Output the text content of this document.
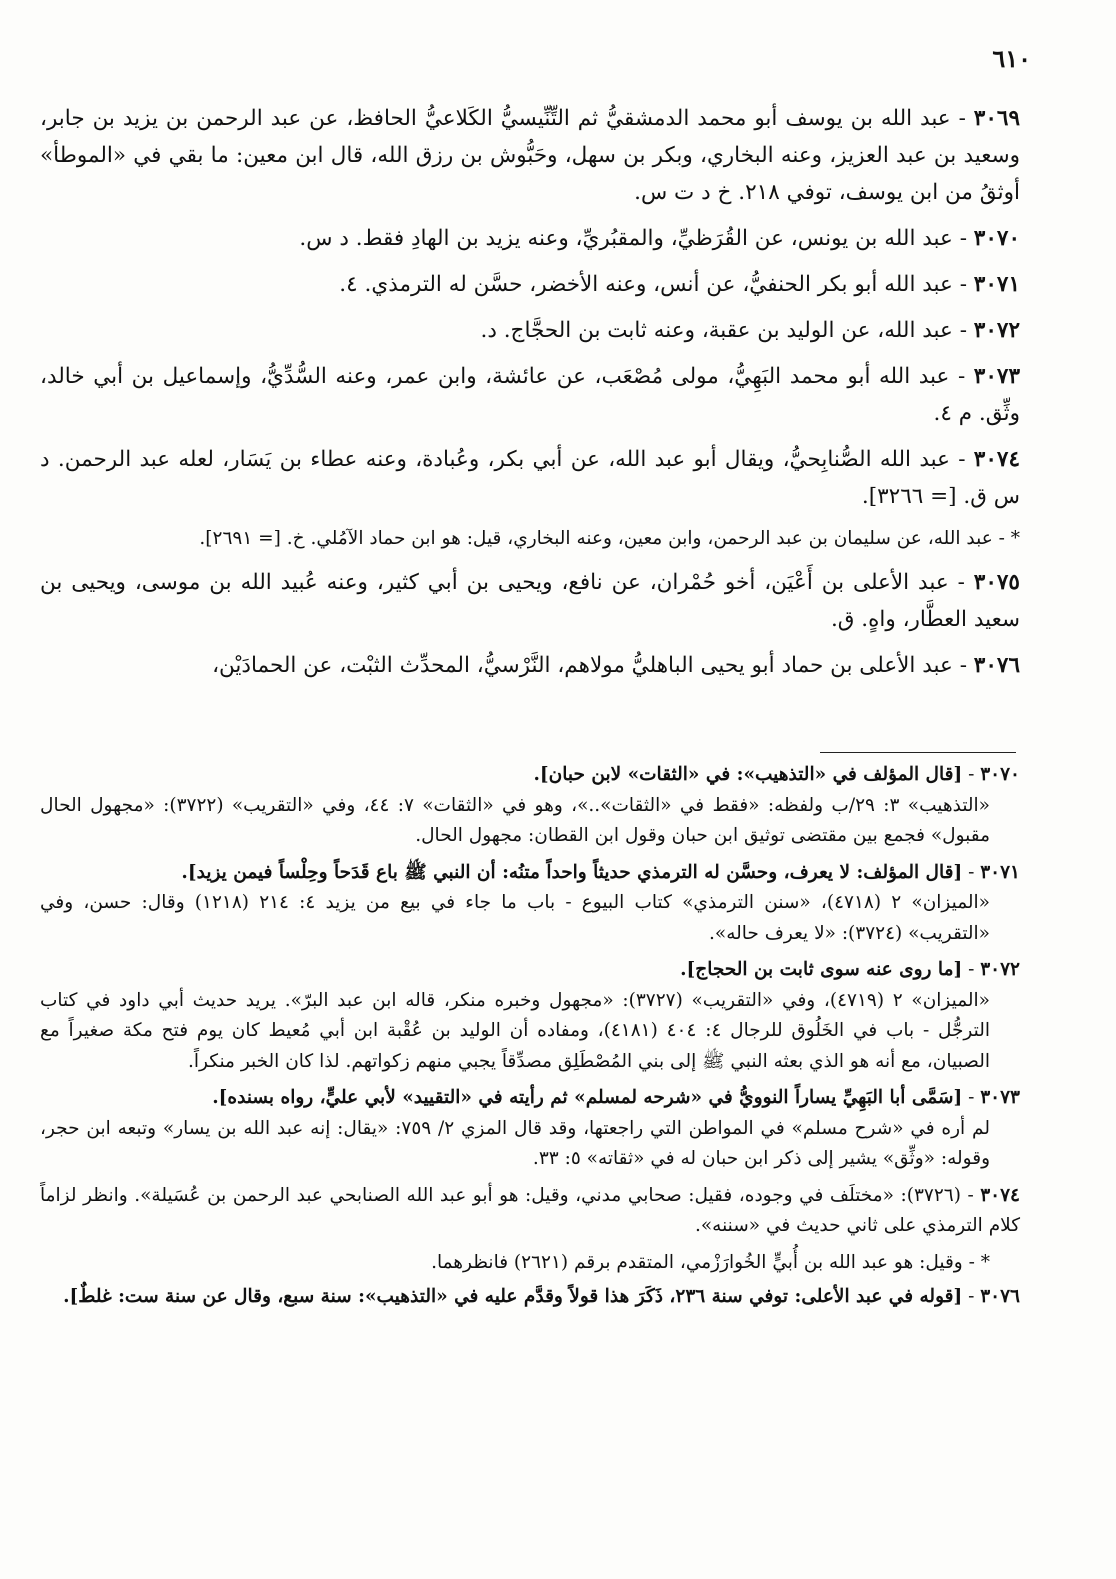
٦١٠

٣٠٦٩ - عبد الله بن يوسف أبو محمد الدمشقيُّ ثم التِّنِّيسيُّ الكَلاعيُّ الحافظ، عن عبد الرحمن بن يزيد بن جابر، وسعيد بن عبد العزيز، وعنه البخاري، وبكر بن سهل، وحَبُّوش بن رزق الله، قال ابن معين: ما بقي في «الموطأ» أوثقُ من ابن يوسف، توفي ٢١٨. خ د ت س.

٣٠٧٠ - عبد الله بن يونس، عن القُرَظيِّ، والمقبُريِّ، وعنه يزيد بن الهادِ فقط. د س.

٣٠٧١ - عبد الله أبو بكر الحنفيُّ، عن أنس، وعنه الأخضر، حسَّن له الترمذي. ٤.

٣٠٧٢ - عبد الله، عن الوليد بن عقبة، وعنه ثابت بن الحجَّاج. د.

٣٠٧٣ - عبد الله أبو محمد البَهِيُّ، مولى مُصْعَب، عن عائشة، وابن عمر، وعنه السُّدِّيُّ، وإسماعيل بن أبي خالد، وثِّق. م ٤.

٣٠٧٤ - عبد الله الصُّنابِحيُّ، ويقال أبو عبد الله، عن أبي بكر، وعُبادة، وعنه عطاء بن يَسَار، لعله عبد الرحمن. د س ق. [= ٣٢٦٦].

* - عبد الله، عن سليمان بن عبد الرحمن، وابن معين، وعنه البخاري، قيل: هو ابن حماد الآمُلي. خ. [= ٢٦٩١].

٣٠٧٥ - عبد الأعلى بن أَعْيَن، أخو حُمْران، عن نافع، ويحيى بن أبي كثير، وعنه عُبيد الله بن موسى، ويحيى بن سعيد العطَّار، واهٍ. ق.

٣٠٧٦ - عبد الأعلى بن حماد أبو يحيى الباهليُّ مولاهم، النَّرْسيُّ، المحدِّث الثبْت، عن الحمادَيْن،

٣٠٧٠ - [قال المؤلف في «التذهيب»: في «الثقات» لابن حبان].
«التذهيب» ٣: ٢٩/ب ولفظه: «فقط في «الثقات»..»، وهو في «الثقات» ٧: ٤٤، وفي «التقريب» (٣٧٢٢): «مجهول الحال مقبول» فجمع بين مقتضى توثيق ابن حبان وقول ابن القطان: مجهول الحال.
٣٠٧١ - [قال المؤلف: لا يعرف، وحسَّن له الترمذي حديثاً واحداً متنُه: أن النبي ﷺ باع قَدَحاً وحِلْساً فيمن يزيد].
«الميزان» ٢ (٤٧١٨)، «سنن الترمذي» كتاب البيوع - باب ما جاء في بيع من يزيد ٤: ٢١٤ (١٢١٨) وقال: حسن، وفي «التقريب» (٣٧٢٤): «لا يعرف حاله».
٣٠٧٢ - [ما روى عنه سوى ثابت بن الحجاج].
«الميزان» ٢ (٤٧١٩)، وفي «التقريب» (٣٧٢٧): «مجهول وخبره منكر، قاله ابن عبد البرّ». يريد حديث أبي داود في كتاب الترجُّل - باب في الخَلُوق للرجال ٤: ٤٠٤ (٤١٨١)، ومفاده أن الوليد بن عُقْبة ابن أبي مُعيط كان يوم فتح مكة صغيراً مع الصبيان، مع أنه هو الذي بعثه النبي ﷺ إلى بني المُصْطَلِق مصدِّقاً يجبي منهم زكواتهم. لذا كان الخبر منكراً.
٣٠٧٣ - [سَمَّى أبا البَهِيِّ يساراً النوويُّ في «شرحه لمسلم» ثم رأيته في «التقييد» لأبي عليٍّ، رواه بسنده].
لم أره في «شرح مسلم» في المواطن التي راجعتها، وقد قال المزي ٢/ ٧٥٩: «يقال: إنه عبد الله بن يسار» وتبعه ابن حجر، وقوله: «وثِّق» يشير إلى ذكر ابن حبان له في «ثقاته» ٥: ٣٣.
٣٠٧٤ - (٣٧٢٦): «مختلَف في وجوده، فقيل: صحابي مدني، وقيل: هو أبو عبد الله الصنابحي عبد الرحمن بن عُسَيلة». وانظر لزاماً كلام الترمذي على ثاني حديث في «سننه».
* - وقيل: هو عبد الله بن أُبيٍّ الخُوارَزْمي، المتقدم برقم (٢٦٢١) فانظرهما.
٣٠٧٦ - [قوله في عبد الأعلى: توفي سنة ٢٣٦، ذَكَرَ هذا قولاً وقدَّم عليه في «التذهيب»: سنة سبع، وقال عن سنة ست: غلطٌ].
